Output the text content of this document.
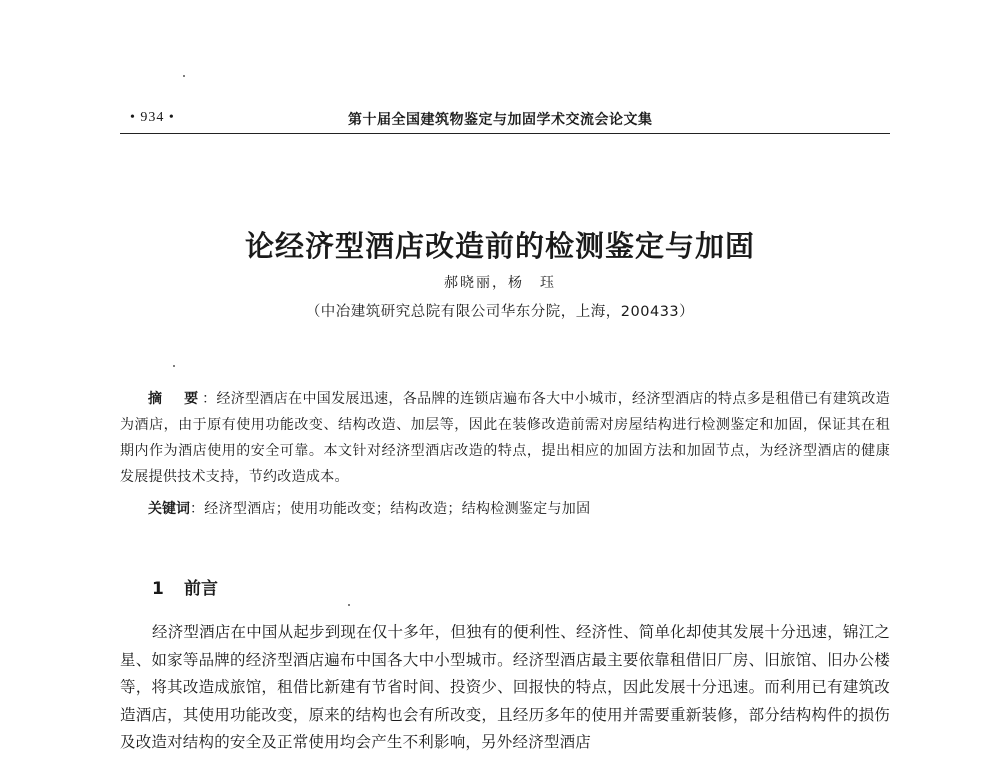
• 934 •	第十届全国建筑物鉴定与加固学术交流会论文集
论经济型酒店改造前的检测鉴定与加固
郝晓丽，杨　珏
（中冶建筑研究总院有限公司华东分院，上海，200433）
摘　要：经济型酒店在中国发展迅速，各品牌的连锁店遍布各大中小城市，经济型酒店的特点多是租借已有建筑改造为酒店，由于原有使用功能改变、结构改造、加层等，因此在装修改造前需对房屋结构进行检测鉴定和加固，保证其在租期内作为酒店使用的安全可靠。本文针对经济型酒店改造的特点，提出相应的加固方法和加固节点，为经济型酒店的健康发展提供技术支持，节约改造成本。
关键词：经济型酒店；使用功能改变；结构改造；结构检测鉴定与加固
1 前言
经济型酒店在中国从起步到现在仅十多年，但独有的便利性、经济性、简单化却使其发展十分迅速，锦江之星、如家等品牌的经济型酒店遍布中国各大中小型城市。经济型酒店最主要依靠租借旧厂房、旧旅馆、旧办公楼等，将其改造成旅馆，租借比新建有节省时间、投资少、回报快的特点，因此发展十分迅速。而利用已有建筑改造酒店，其使用功能改变，原来的结构也会有所改变，且经历多年的使用并需要重新装修，部分结构构件的损伤及改造对结构的安全及正常使用均会产生不利影响，另外经济型酒店
